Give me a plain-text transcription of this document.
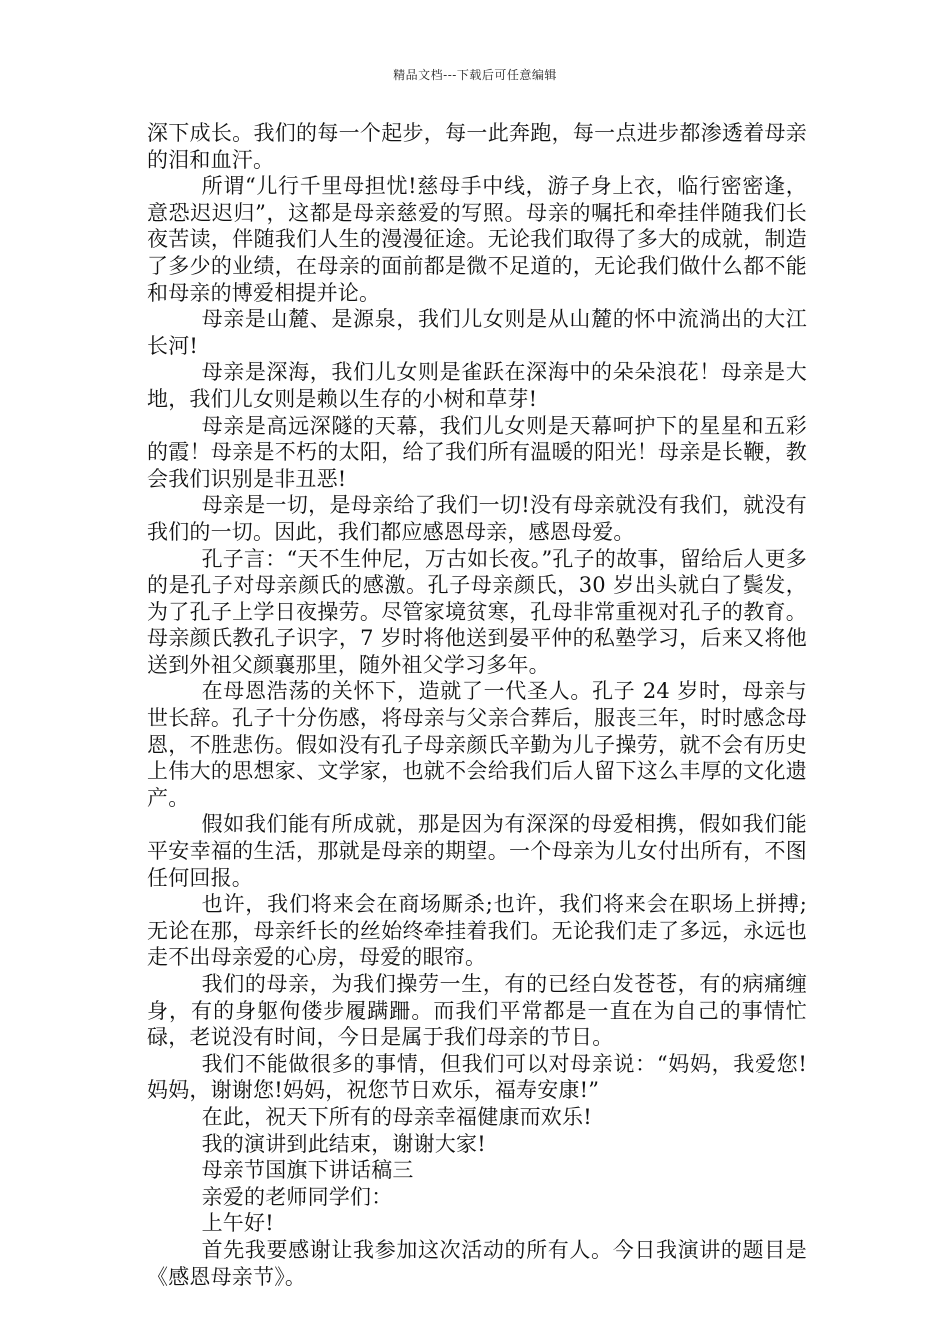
精品文档---下载后可任意编辑

深下成长。我们的每一个起步，每一此奔跑，每一点进步都渗透着母亲的泪和血汗。

所谓“儿行千里母担忧!慈母手中线，游子身上衣，临行密密逢，意恐迟迟归”，这都是母亲慈爱的写照。母亲的嘱托和牵挂伴随我们长夜苦读，伴随我们人生的漫漫征途。无论我们取得了多大的成就，制造了多少的业绩，在母亲的面前都是微不足道的，无论我们做什么都不能和母亲的博爱相提并论。

母亲是山麓、是源泉，我们儿女则是从山麓的怀中流淌出的大江长河!

母亲是深海，我们儿女则是雀跃在深海中的朵朵浪花！母亲是大地，我们儿女则是赖以生存的小树和草芽!

母亲是高远深隧的天幕，我们儿女则是天幕呵护下的星星和五彩的霞！母亲是不朽的太阳，给了我们所有温暖的阳光！母亲是长鞭，教会我们识别是非丑恶!

母亲是一切，是母亲给了我们一切!没有母亲就没有我们，就没有我们的一切。因此，我们都应感恩母亲，感恩母爱。

孔子言：“天不生仲尼，万古如长夜。”孔子的故事，留给后人更多的是孔子对母亲颜氏的感激。孔子母亲颜氏，30 岁出头就白了鬓发，为了孔子上学日夜操劳。尽管家境贫寒，孔母非常重视对孔子的教育。母亲颜氏教孔子识字，7 岁时将他送到晏平仲的私塾学习，后来又将他送到外祖父颜襄那里，随外祖父学习多年。

在母恩浩荡的关怀下，造就了一代圣人。孔子 24 岁时，母亲与世长辞。孔子十分伤感，将母亲与父亲合葬后，服丧三年，时时感念母恩，不胜悲伤。假如没有孔子母亲颜氏辛勤为儿子操劳，就不会有历史上伟大的思想家、文学家，也就不会给我们后人留下这么丰厚的文化遗产。

假如我们能有所成就，那是因为有深深的母爱相携，假如我们能平安幸福的生活，那就是母亲的期望。一个母亲为儿女付出所有，不图任何回报。

也许，我们将来会在商场厮杀;也许，我们将来会在职场上拼搏;无论在那，母亲纤长的丝始终牵挂着我们。无论我们走了多远，永远也走不出母亲爱的心房，母爱的眼帘。

我们的母亲，为我们操劳一生，有的已经白发苍苍，有的病痛缠身，有的身躯佝偻步履蹒跚。而我们平常都是一直在为自己的事情忙碌，老说没有时间，今日是属于我们母亲的节日。

我们不能做很多的事情，但我们可以对母亲说：“妈妈，我爱您!妈妈，谢谢您!妈妈，祝您节日欢乐，福寿安康!”

在此，祝天下所有的母亲幸福健康而欢乐!

我的演讲到此结束，谢谢大家!

母亲节国旗下讲话稿三

亲爱的老师同学们：

上午好!

首先我要感谢让我参加这次活动的所有人。今日我演讲的题目是《感恩母亲节》。
